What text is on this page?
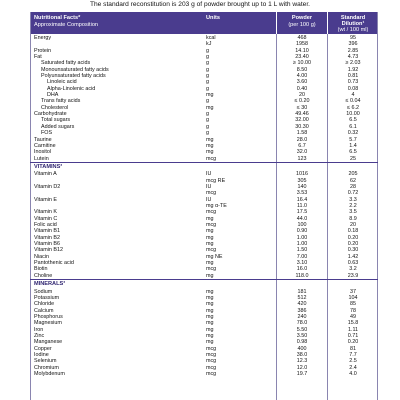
The standard reconstitution is 203 g of powder brought up to 1 L with water.
Nutritional Facts*
Approximate Composition
Units	Powder
(per 100 g)
Standard
Dilution¹
(wt / 100 ml)
Energy	kcal	468	95
kJ	1958	396
Protein	g	14.10	2.85
Fat	g	23.40	4.73
Saturated fatty acids	g	≥ 10.00	≥ 2.03
Monounsaturated fatty acids	g	8.50	1.92
Polyunsaturated fatty acids	g	4.00	0.81
Linoleic acid	g	3.60	0.73
Alpha-Linolenic acid	g	0.40	0.08
DHA	mg	20	4
Trans fatty acids	g	≤ 0.20	≤ 0.04
Cholesterol	mg	≤ 30	≤ 6.2
Carbohydrate	g	49.46	10.00
Total sugars	g	32.00	6.5
Added sugars	g	30.30	6.1
FOS	g	1.58	0.32
Taurine	mg	28.0	5.7
Carnitine	mg	6.7	1.4
Inositol	mg	32.0	6.5
Lutein	mcg	123	25
VITAMINS³
Vitamin A	IU	1016	205
mcg RE	305	62
Vitamin D2	IU	140	28
mcg	3.53	0.72
Vitamin E	IU	16.4	3.3
mg α-TE	11.0	2.2
Vitamin K	mcg	17.5	3.5
Vitamin C	mg	44.0	8.9
Folic acid	mcg	100	20
Vitamin B1	mg	0.90	0.18
Vitamin B2	mg	1.00	0.20
Vitamin B6	mg	1.00	0.20
Vitamin B12	mcg	1.50	0.30
Niacin	mg NE	7.00	1.42
Pantothenic acid	mg	3.10	0.63
Biotin	mcg	16.0	3.2
Choline	mg	118.0	23.9
MINERALS³
Sodium	mg	181	37
Potassium	mg	512	104
Chloride	mg	420	85
Calcium	mg	386	78
Phosphorus	mg	240	49
Magnesium	mg	78.0	15.8
Iron	mg	5.50	1.11
Zinc	mg	3.50	0.71
Manganese	mg	0.98	0.20
Copper	mcg	400	81
Iodine	mcg	38.0	7.7
Selenium	mcg	12.3	2.5
Chromium	mcg	12.0	2.4
Molybdenum	mcg	19.7	4.0
